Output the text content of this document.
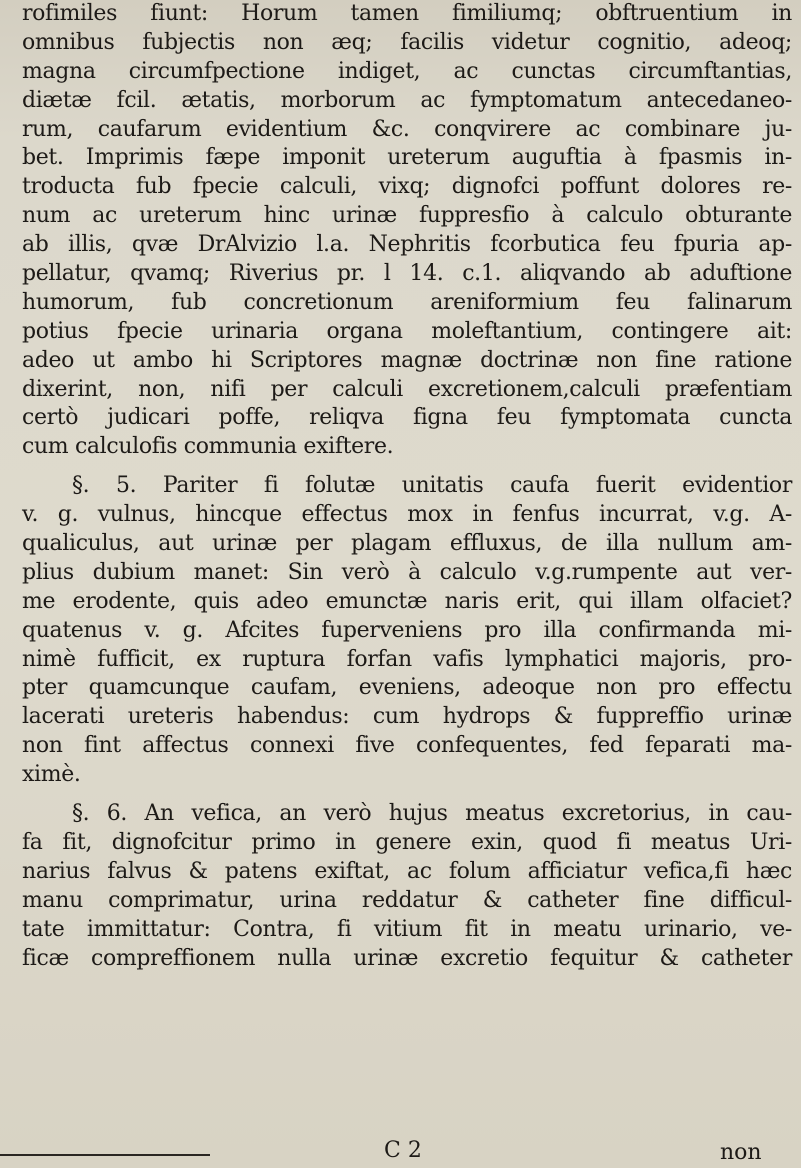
rofimiles fiunt: Horum tamen fimiliumq; obftruentium in
omnibus fubjectis non æq; facilis videtur cognitio, adeoq;
magna circumfpectione indiget, ac cunctas circumftantias,
diætæ fcil. ætatis, morborum ac fymptomatum antecedaneo-
rum, caufarum evidentium &c. conqvirere ac combinare ju-
bet. Imprimis fæpe imponit ureterum auguftia à fpasmis in-
troducta fub fpecie calculi, vixq; dignofci poffunt dolores re-
num ac ureterum hinc urinæ fuppresfio à calculo obturante
ab illis, qvæ DrAlvizio l.a. Nephritis fcorbutica feu fpuria ap-
pellatur, qvamq; Riverius pr. l 14. c.1. aliqvando ab aduftione
humorum, fub concretionum areniformium feu falinarum
potius fpecie urinaria organa moleftantium, contingere ait:
adeo ut ambo hi Scriptores magnæ doctrinæ non fine ratione
dixerint, non, nifi per calculi excretionem,calculi præfentiam
certò judicari poffe, reliqva figna feu fymptomata cuncta
cum calculofis communia exiftere.
§. 5. Pariter fi folutæ unitatis caufa fuerit evidentior
v. g. vulnus, hincque effectus mox in fenfus incurrat, v.g. A-
qualiculus, aut urinæ per plagam effluxus, de illa nullum am-
plius dubium manet: Sin verò à calculo v.g.rumpente aut ver-
me erodente, quis adeo emunctæ naris erit, qui illam olfaciet?
quatenus v. g. Afcites fuperveniens pro illa confirmanda mi-
nimè fufficit, ex ruptura forfan vafis lymphatici majoris, pro-
pter quamcunque caufam, eveniens, adeoque non pro effectu
lacerati ureteris habendus: cum hydrops & fuppreffio urinæ
non fint affectus connexi five confequentes, fed feparati ma-
ximè.
§. 6. An vefica, an verò hujus meatus excretorius, in cau-
fa fit, dignofcitur primo in genere exin, quod fi meatus Uri-
narius falvus & patens exiftat, ac folum afficiatur vefica,fi hæc
manu comprimatur, urina reddatur & catheter fine difficul-
tate immittatur: Contra, fi vitium fit in meatu urinario, ve-
ficæ compreffionem nulla urinæ excretio fequitur & catheter
C 2	non
